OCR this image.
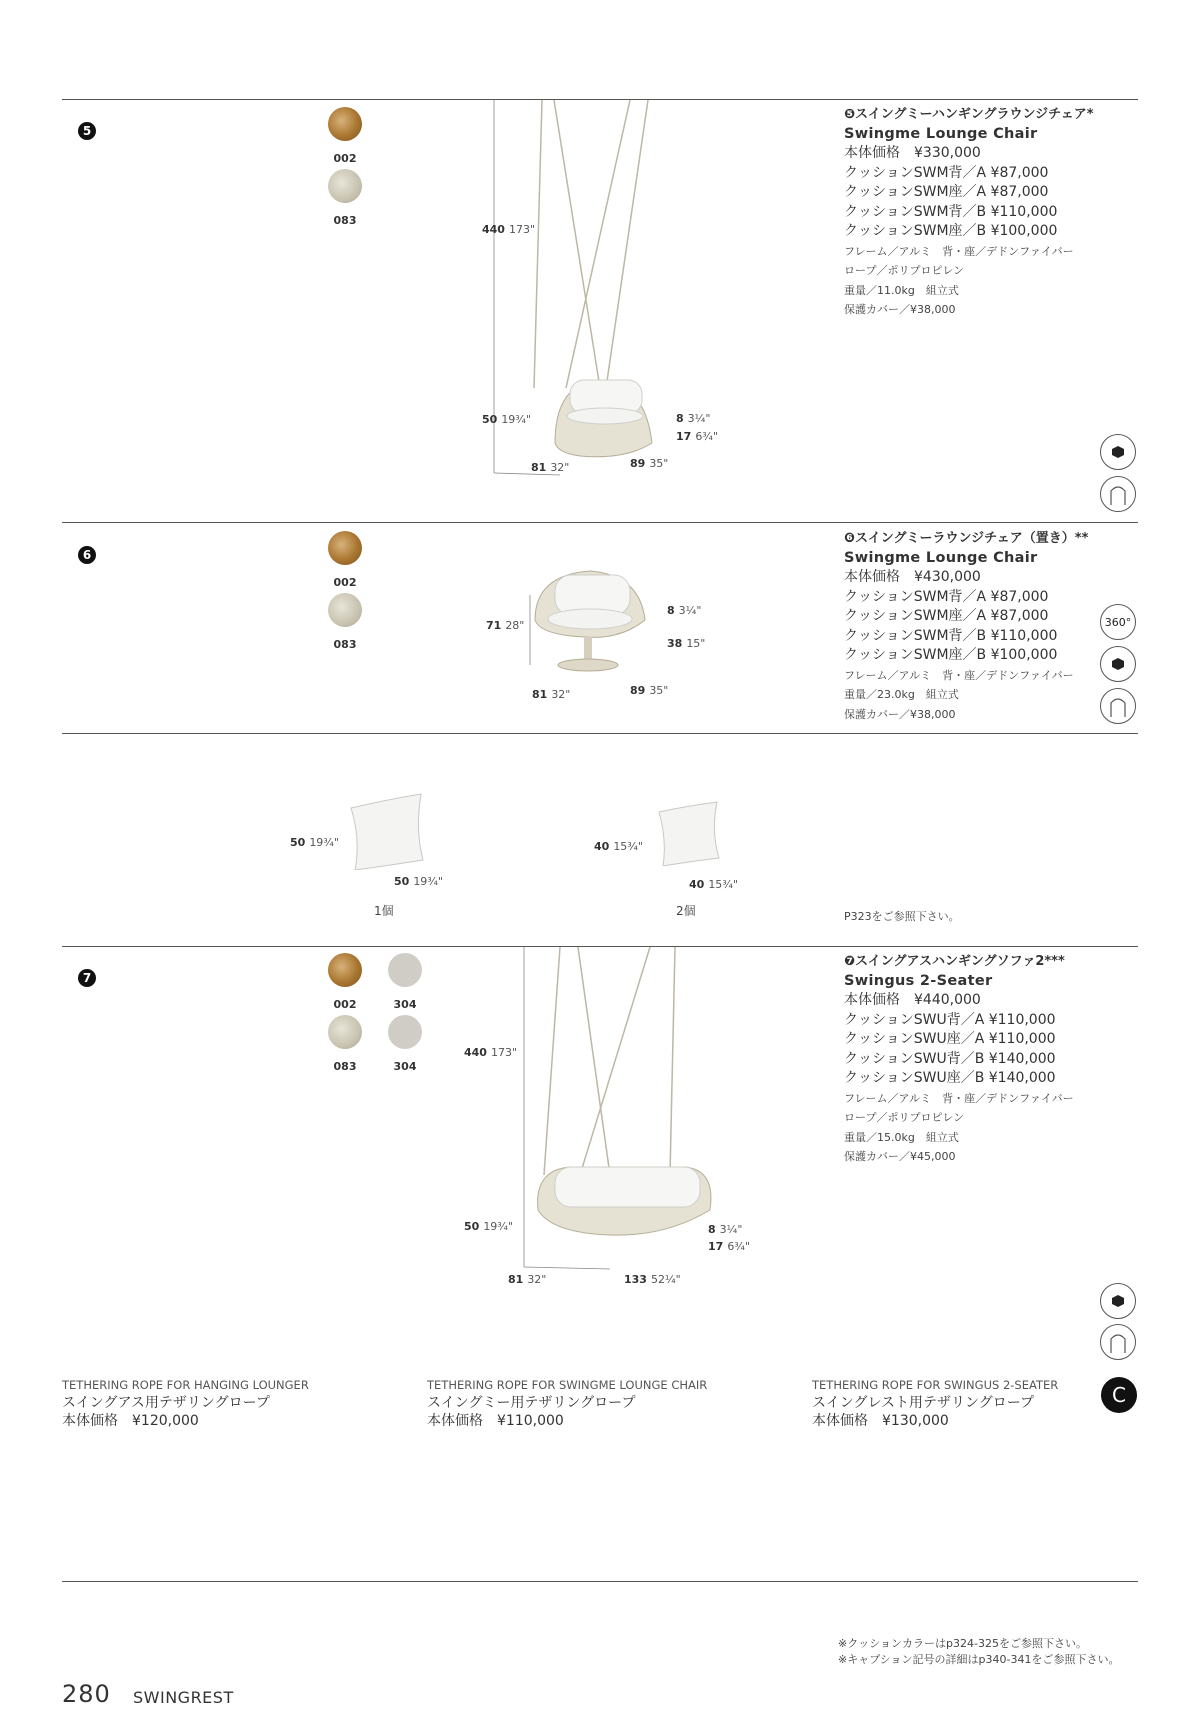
5
002
083
440 173"
50 19¾"	8 3¼"
17 6¾"
81 32"	89 35"
❺スイングミーハンギングラウンジチェア*
Swingme Lounge Chair
本体価格　¥330,000
クッションSWM背／A ¥87,000
クッションSWM座／A ¥87,000
クッションSWM背／B ¥110,000
クッションSWM座／B ¥100,000
フレーム／アルミ　背・座／デドンファイバー
ロープ／ポリプロピレン
重量／11.0kg　組立式
保護カバー／¥38,000
6
002
083
71 28"
8 3¼"
38 15"
81 32"	89 35"
❻スイングミーラウンジチェア（置き）**
Swingme Lounge Chair
本体価格　¥430,000
クッションSWM背／A ¥87,000
クッションSWM座／A ¥87,000
クッションSWM背／B ¥110,000
クッションSWM座／B ¥100,000
フレーム／アルミ　背・座／デドンファイバー
重量／23.0kg　組立式
保護カバー／¥38,000
360°
50 19¾"
50 19¾"
1個
40 15¾"
40 15¾"
2個	P323をご参照下さい。
7
002	304
083	304
440 173"
50 19¾"	8 3¼"
17 6¾"
81 32"	133 52¼"
❼スイングアスハンギングソファ2***
Swingus 2-Seater
本体価格　¥440,000
クッションSWU背／A ¥110,000
クッションSWU座／A ¥110,000
クッションSWU背／B ¥140,000
クッションSWU座／B ¥140,000
フレーム／アルミ　背・座／デドンファイバー
ロープ／ポリプロピレン
重量／15.0kg　組立式
保護カバー／¥45,000
TETHERING ROPE FOR HANGING LOUNGER
スイングアス用テザリングロープ
本体価格　¥120,000
TETHERING ROPE FOR SWINGME LOUNGE CHAIR
スイングミー用テザリングロープ
本体価格　¥110,000
TETHERING ROPE FOR SWINGUS 2-SEATER
スイングレスト用テザリングロープ
本体価格　¥130,000
C
※クッションカラーはp324-325をご参照下さい。
※キャプション記号の詳細はp340-341をご参照下さい。
280 SWINGREST
